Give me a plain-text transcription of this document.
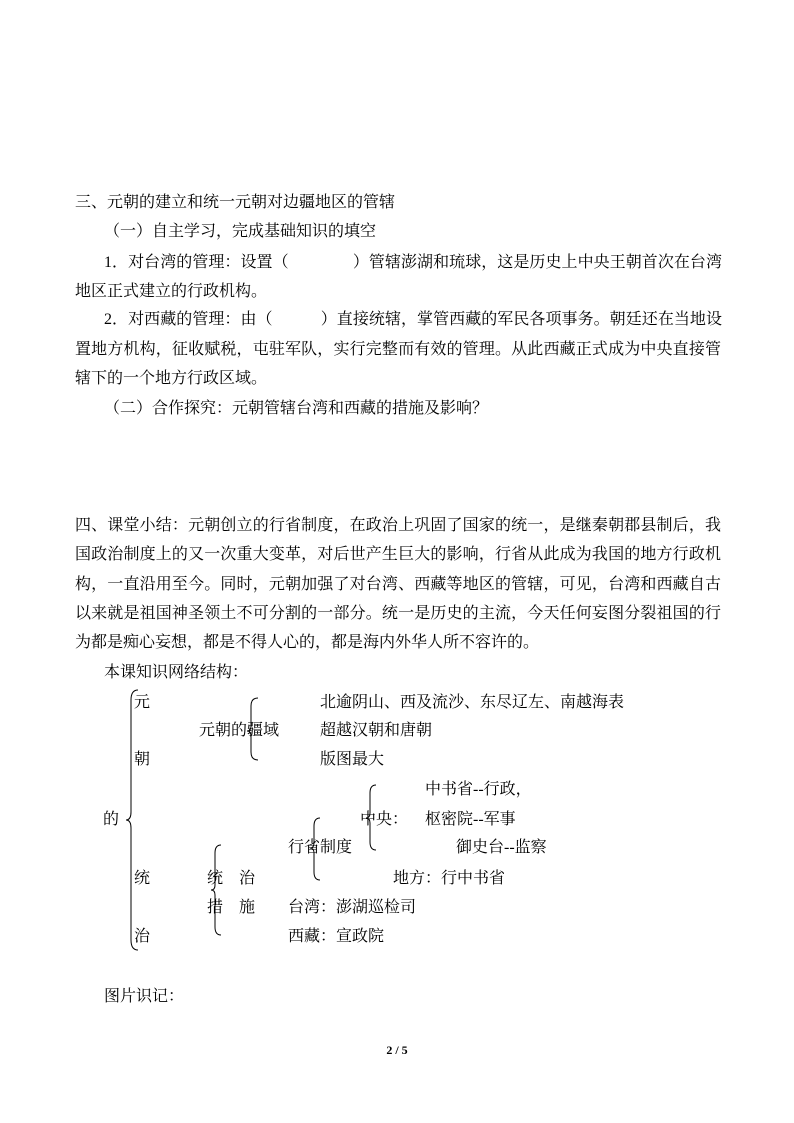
三、元朝的建立和统一元朝对边疆地区的管辖
（一）自主学习，完成基础知识的填空
1．对台湾的管理：设置（　　　　）管辖澎湖和琉球，这是历史上中央王朝首次在台湾
地区正式建立的行政机构。
2．对西藏的管理：由（　　　）直接统辖，掌管西藏的军民各项事务。朝廷还在当地设
置地方机构，征收赋税，屯驻军队，实行完整而有效的管理。从此西藏正式成为中央直接管
辖下的一个地方行政区域。
（二）合作探究：元朝管辖台湾和西藏的措施及影响？
四、课堂小结：元朝创立的行省制度，在政治上巩固了国家的统一，是继秦朝郡县制后，我
国政治制度上的又一次重大变革，对后世产生巨大的影响，行省从此成为我国的地方行政机
构，一直沿用至今。同时，元朝加强了对台湾、西藏等地区的管辖，可见，台湾和西藏自古
以来就是祖国神圣领土不可分割的一部分。统一是历史的主流，今天任何妄图分裂祖国的行
为都是痴心妄想，都是不得人心的，都是海内外华人所不容许的。
本课知识网络结构：
元
朝
的
统
治
元朝的疆域
北逾阴山、西及流沙、东尽辽左、南越海表
超越汉朝和唐朝
版图最大
中书省--行政，
中央： 枢密院--军事
行省制度	御史台--监察
统　治	地方：行中书省
措　施 台湾：澎湖巡检司
西藏：宣政院
图片识记：
2 / 5
